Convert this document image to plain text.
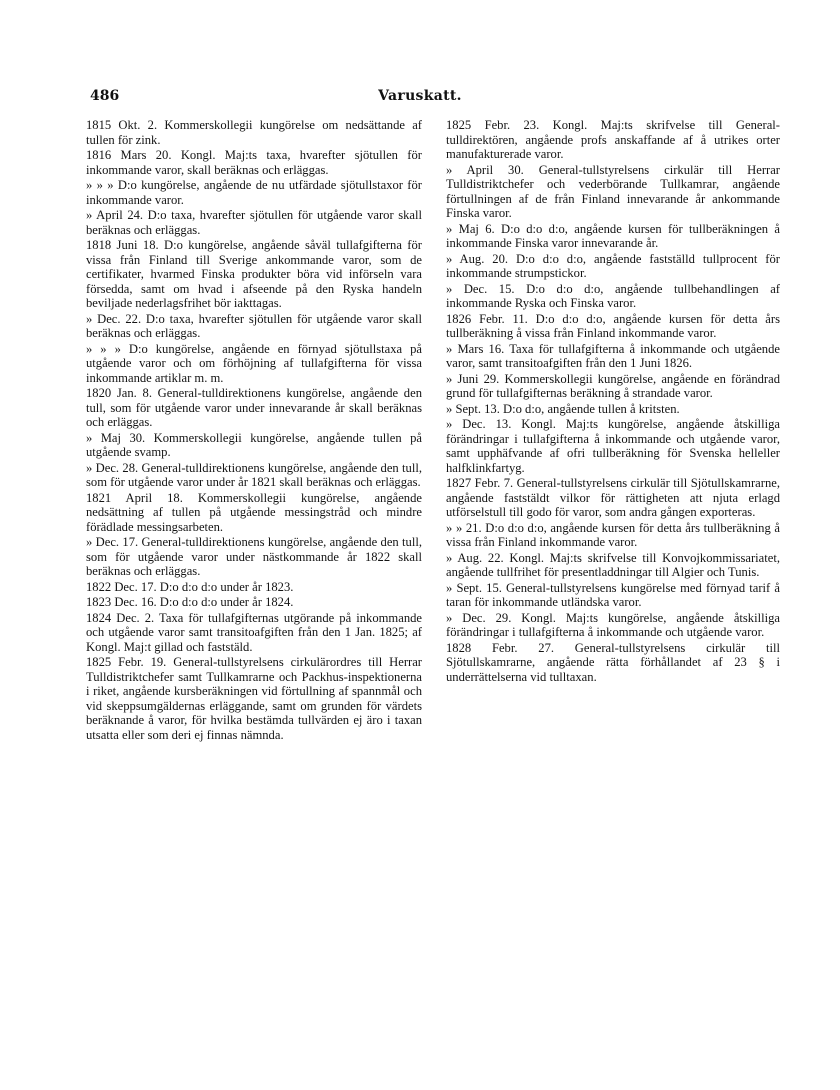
486	Varuskatt.

1815 Okt. 2. Kommerskollegii kungörelse om nedsättande af tullen för zink.

1816 Mars 20. Kongl. Maj:ts taxa, hvarefter sjötullen för inkommande varor, skall beräknas och erläggas.

» » » D:o kungörelse, angående de nu utfärdade sjötullstaxor för inkommande varor.

» April 24. D:o taxa, hvarefter sjötullen för utgående varor skall beräknas och erläggas.

1818 Juni 18. D:o kungörelse, angående såväl tullafgifterna för vissa från Finland till Sverige ankommande varor, som de certifikater, hvarmed Finska produkter böra vid införseln vara försedda, samt om hvad i afseende på den Ryska handeln beviljade nederlagsfrihet bör iakttagas.

» Dec. 22. D:o taxa, hvarefter sjötullen för utgående varor skall beräknas och erläggas.

» » » D:o kungörelse, angående en förnyad sjötullstaxa på utgående varor och om förhöjning af tullafgifterna för vissa inkommande artiklar m. m.

1820 Jan. 8. General-tulldirektionens kungörelse, angående den tull, som för utgående varor under innevarande år skall beräknas och erläggas.

» Maj 30. Kommerskollegii kungörelse, angående tullen på utgående svamp.

» Dec. 28. General-tulldirektionens kungörelse, angående den tull, som för utgående varor under år 1821 skall beräknas och erläggas.

1821 April 18. Kommerskollegii kungörelse, angående nedsättning af tullen på utgående messingstråd och mindre förädlade messingsarbeten.

» Dec. 17. General-tulldirektionens kungörelse, angående den tull, som för utgående varor under nästkommande år 1822 skall beräknas och erläggas.

1822 Dec. 17. D:o d:o d:o under år 1823.

1823 Dec. 16. D:o d:o d:o under år 1824.

1824 Dec. 2. Taxa för tullafgifternas utgörande på inkommande och utgående varor samt transitoafgiften från den 1 Jan. 1825; af Kongl. Maj:t gillad och faststäld.

1825 Febr. 19. General-tullstyrelsens cirkulärordres till Herrar Tulldistriktchefer samt Tullkamrarne och Packhus-inspektionerna i riket, angående kursberäkningen vid förtullning af spannmål och vid skeppsumgäldernas erläggande, samt om grunden för värdets beräknande å varor, för hvilka bestämda tullvärden ej äro i taxan utsatta eller som deri ej finnas nämnda.

1825 Febr. 23. Kongl. Maj:ts skrifvelse till General-tulldirektören, angående profs anskaffande af å utrikes orter manufakturerade varor.

» April 30. General-tullstyrelsens cirkulär till Herrar Tulldistriktchefer och vederbörande Tullkamrar, angående förtullningen af de från Finland innevarande år ankommande Finska varor.

» Maj 6. D:o d:o d:o, angående kursen för tullberäkningen å inkommande Finska varor innevarande år.

» Aug. 20. D:o d:o d:o, angående fastställd tullprocent för inkommande strumpstickor.

» Dec. 15. D:o d:o d:o, angående tullbehandlingen af inkommande Ryska och Finska varor.

1826 Febr. 11. D:o d:o d:o, angående kursen för detta års tullberäkning å vissa från Finland inkommande varor.

» Mars 16. Taxa för tullafgifterna å inkommande och utgående varor, samt transitoafgiften från den 1 Juni 1826.

» Juni 29. Kommerskollegii kungörelse, angående en förändrad grund för tullafgifternas beräkning å strandade varor.

» Sept. 13. D:o d:o, angående tullen å kritsten.

» Dec. 13. Kongl. Maj:ts kungörelse, angående åtskilliga förändringar i tullafgifterna å inkommande och utgående varor, samt upphäfvande af ofri tullberäkning för Svenska helleller halfklinkfartyg.

1827 Febr. 7. General-tullstyrelsens cirkulär till Sjötullskamrarne, angående faststäldt vilkor för rättigheten att njuta erlagd utförselstull till godo för varor, som andra gången exporteras.

» » 21. D:o d:o d:o, angående kursen för detta års tullberäkning å vissa från Finland inkommande varor.

» Aug. 22. Kongl. Maj:ts skrifvelse till Konvojkommissariatet, angående tullfrihet för presentladdningar till Algier och Tunis.

» Sept. 15. General-tullstyrelsens kungörelse med förnyad tarif å taran för inkommande utländska varor.

» Dec. 29. Kongl. Maj:ts kungörelse, angående åtskilliga förändringar i tullafgifterna å inkommande och utgående varor.

1828 Febr. 27. General-tullstyrelsens cirkulär till Sjötullskamrarne, angående rätta förhållandet af 23 § i underrättelserna vid tulltaxan.
